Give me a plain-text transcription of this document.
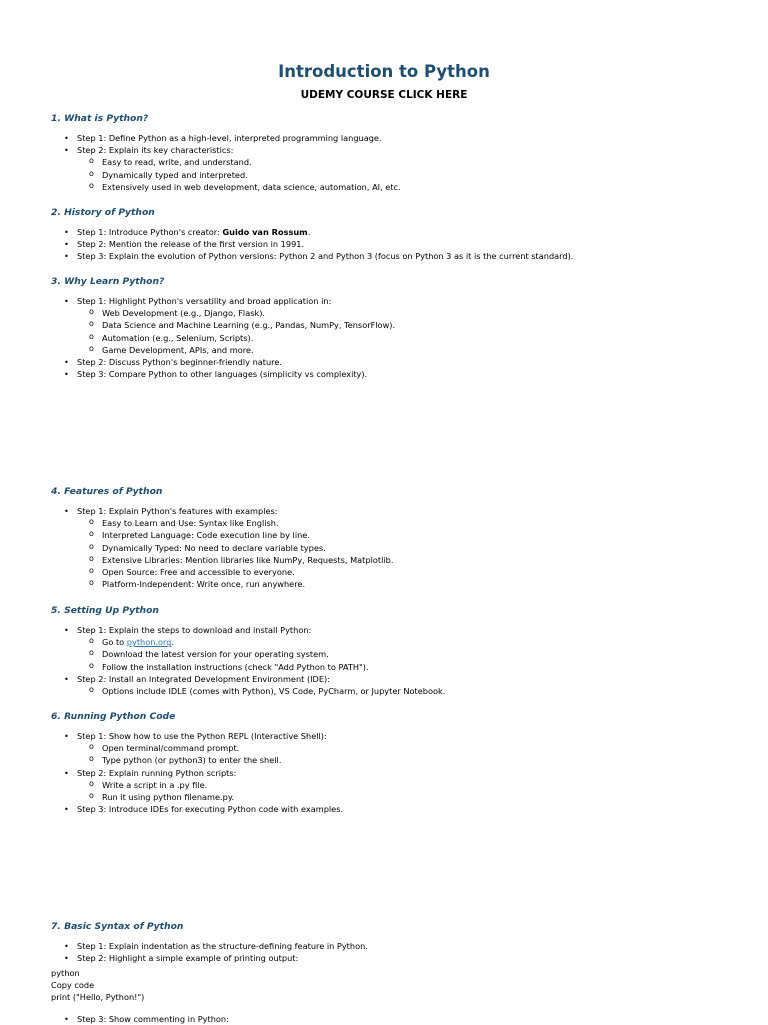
Introduction to Python
UDEMY COURSE CLICK HERE
1. What is Python?
• Step 1: Define Python as a high-level, interpreted programming language.
• Step 2: Explain its key characteristics:
o Easy to read, write, and understand.
o Dynamically typed and interpreted.
o Extensively used in web development, data science, automation, AI, etc.
2. History of Python
• Step 1: Introduce Python's creator: Guido van Rossum.
• Step 2: Mention the release of the first version in 1991.
• Step 3: Explain the evolution of Python versions: Python 2 and Python 3 (focus on Python 3 as it is the current standard).
3. Why Learn Python?
• Step 1: Highlight Python's versatility and broad application in:
o Web Development (e.g., Django, Flask).
o Data Science and Machine Learning (e.g., Pandas, NumPy, TensorFlow).
o Automation (e.g., Selenium, Scripts).
o Game Development, APIs, and more.
• Step 2: Discuss Python's beginner-friendly nature.
• Step 3: Compare Python to other languages (simplicity vs complexity).
4. Features of Python
• Step 1: Explain Python's features with examples:
o Easy to Learn and Use: Syntax like English.
o Interpreted Language: Code execution line by line.
o Dynamically Typed: No need to declare variable types.
o Extensive Libraries: Mention libraries like NumPy, Requests, Matplotlib.
o Open Source: Free and accessible to everyone.
o Platform-Independent: Write once, run anywhere.
5. Setting Up Python
• Step 1: Explain the steps to download and install Python:
o Go to python.org.
o Download the latest version for your operating system.
o Follow the installation instructions (check "Add Python to PATH").
• Step 2: Install an Integrated Development Environment (IDE):
o Options include IDLE (comes with Python), VS Code, PyCharm, or Jupyter Notebook.
6. Running Python Code
• Step 1: Show how to use the Python REPL (Interactive Shell):
o Open terminal/command prompt.
o Type python (or python3) to enter the shell.
• Step 2: Explain running Python scripts:
o Write a script in a .py file.
o Run it using python filename.py.
• Step 3: Introduce IDEs for executing Python code with examples.
7. Basic Syntax of Python
• Step 1: Explain indentation as the structure-defining feature in Python.
• Step 2: Highlight a simple example of printing output:
python
Copy code
print ("Hello, Python!")
• Step 3: Show commenting in Python:
